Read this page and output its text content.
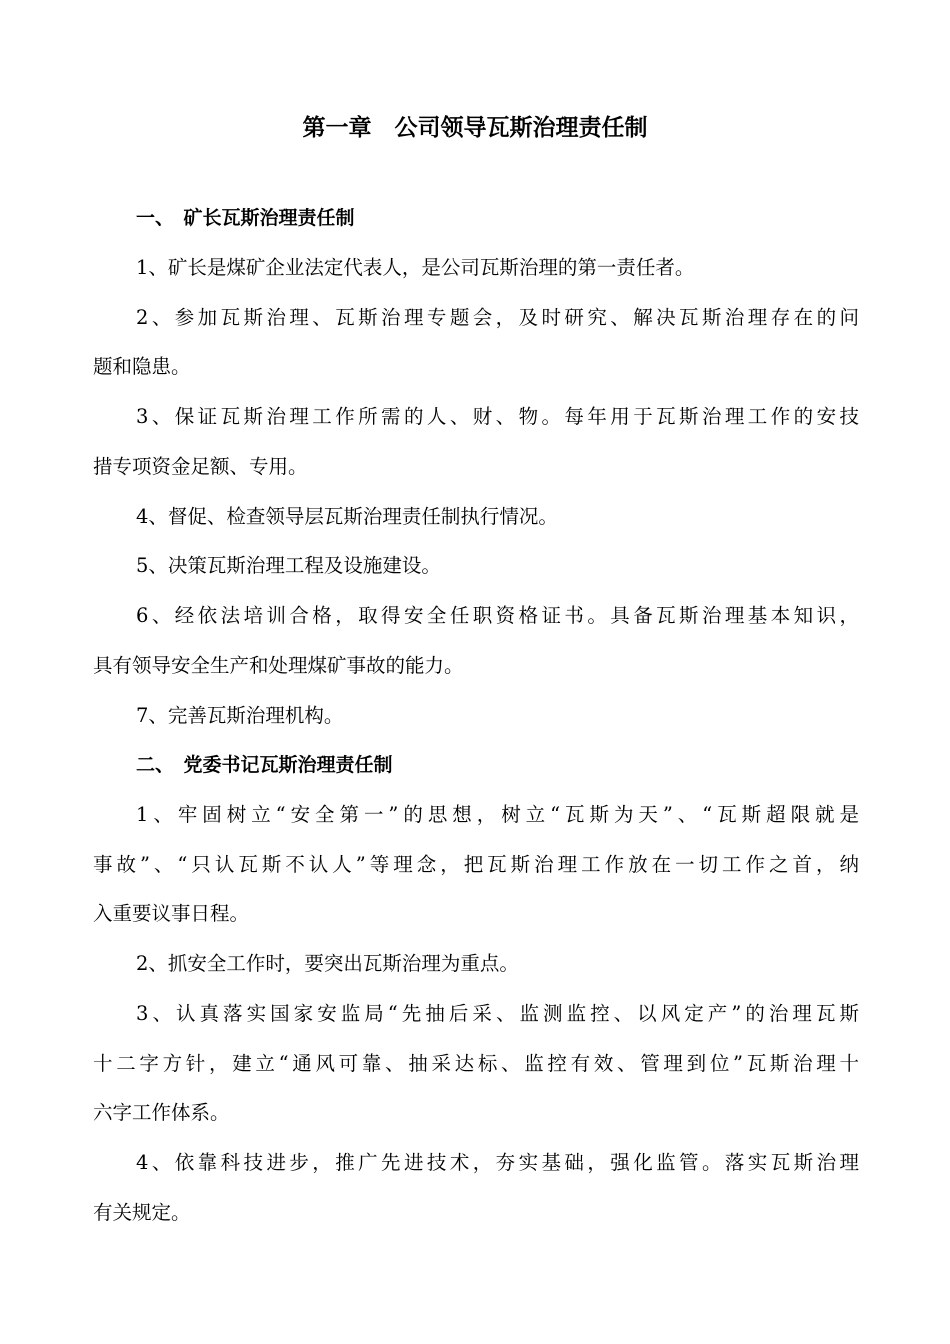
第一章　公司领导瓦斯治理责任制

一、　矿长瓦斯治理责任制

1、矿长是煤矿企业法定代表人，是公司瓦斯治理的第一责任者。

2、参加瓦斯治理、瓦斯治理专题会，及时研究、解决瓦斯治理存在的问

题和隐患。

3、保证瓦斯治理工作所需的人、财、物。每年用于瓦斯治理工作的安技

措专项资金足额、专用。

4、督促、检查领导层瓦斯治理责任制执行情况。

5、决策瓦斯治理工程及设施建设。

6、经依法培训合格，取得安全任职资格证书。具备瓦斯治理基本知识，

具有领导安全生产和处理煤矿事故的能力。

7、完善瓦斯治理机构。

二、　党委书记瓦斯治理责任制

1、牢固树立“安全第一”的思想，树立“瓦斯为天”、“瓦斯超限就是

事故”、“只认瓦斯不认人”等理念，把瓦斯治理工作放在一切工作之首，纳

入重要议事日程。

2、抓安全工作时，要突出瓦斯治理为重点。

3、认真落实国家安监局“先抽后采、监测监控、以风定产”的治理瓦斯

十二字方针，建立“通风可靠、抽采达标、监控有效、管理到位”瓦斯治理十

六字工作体系。

4、依靠科技进步，推广先进技术，夯实基础，强化监管。落实瓦斯治理

有关规定。
